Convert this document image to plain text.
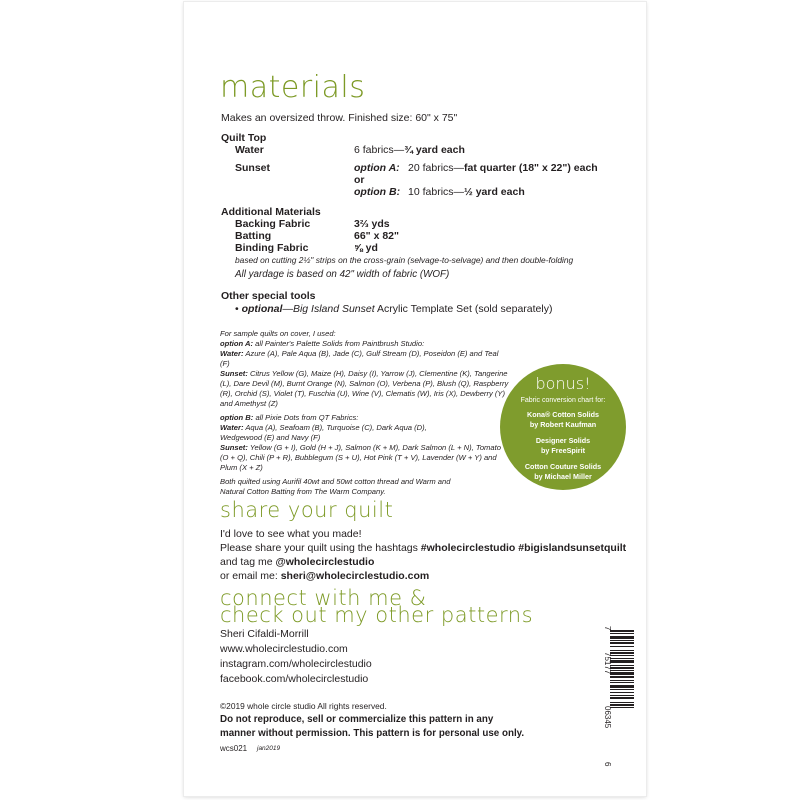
materials
Makes an oversized throw. Finished size: 60" x 75"
Quilt Top
Water	6 fabrics—¾ yard each
Sunset	option A: 20 fabrics—fat quarter (18" x 22") each
or
option B: 10 fabrics—½ yard each
Additional Materials
Backing Fabric	3⅔ yds
Batting	66" x 82"
Binding Fabric	⅝ yd
based on cutting 2½" strips on the cross-grain (selvage-to-selvage) and then double-folding
All yardage is based on 42" width of fabric (WOF)
Other special tools
• optional—Big Island Sunset Acrylic Template Set (sold separately)
For sample quilts on cover, I used:
option A: all Painter's Palette Solids from Paintbrush Studio:
Water: Azure (A), Pale Aqua (B), Jade (C), Gulf Stream (D), Poseidon (E) and Teal (F)
Sunset: Citrus Yellow (G), Maize (H), Daisy (I), Yarrow (J), Clementine (K), Tangerine (L), Dare Devil (M), Burnt Orange (N), Salmon (O), Verbena (P), Blush (Q), Raspberry (R), Orchid (S), Violet (T), Fuschia (U), Wine (V), Clematis (W), Iris (X), Dewberry (Y) and Amethyst (Z)
option B: all Pixie Dots from QT Fabrics:
Water: Aqua (A), Seafoam (B), Turquoise (C), Dark Aqua (D), Wedgewood (E) and Navy (F)
Sunset: Yellow (G + I), Gold (H + J), Salmon (K + M), Dark Salmon (L + N), Tomato (O + Q), Chili (P + R), Bubblegum (S + U), Hot Pink (T + V), Lavender (W + Y) and Plum (X + Z)
Both quilted using Aurifil 40wt and 50wt cotton thread and Warm and Natural Cotton Batting from The Warm Company.
bonus!
Fabric conversion chart for:
Kona® Cotton Solids
by Robert Kaufman
Designer Solids
by FreeSpirit
Cotton Couture Solids
by Michael Miller
on page 9
share your quilt
I'd love to see what you made!
Please share your quilt using the hashtags #wholecirclestudio #bigislandsunsetquilt
and tag me @wholecirclestudio
or email me: sheri@wholecirclestudio.com
connect with me &
check out my other patterns
Sheri Cifaldi-Morrill
www.wholecirclestudio.com
instagram.com/wholecirclestudio
facebook.com/wholecirclestudio
©2019 whole circle studio All rights reserved.
Do not reproduce, sell or commercialize this pattern in any
manner without permission. This pattern is for personal use only.
wcs021 jan2019
7
75177
06345
6
